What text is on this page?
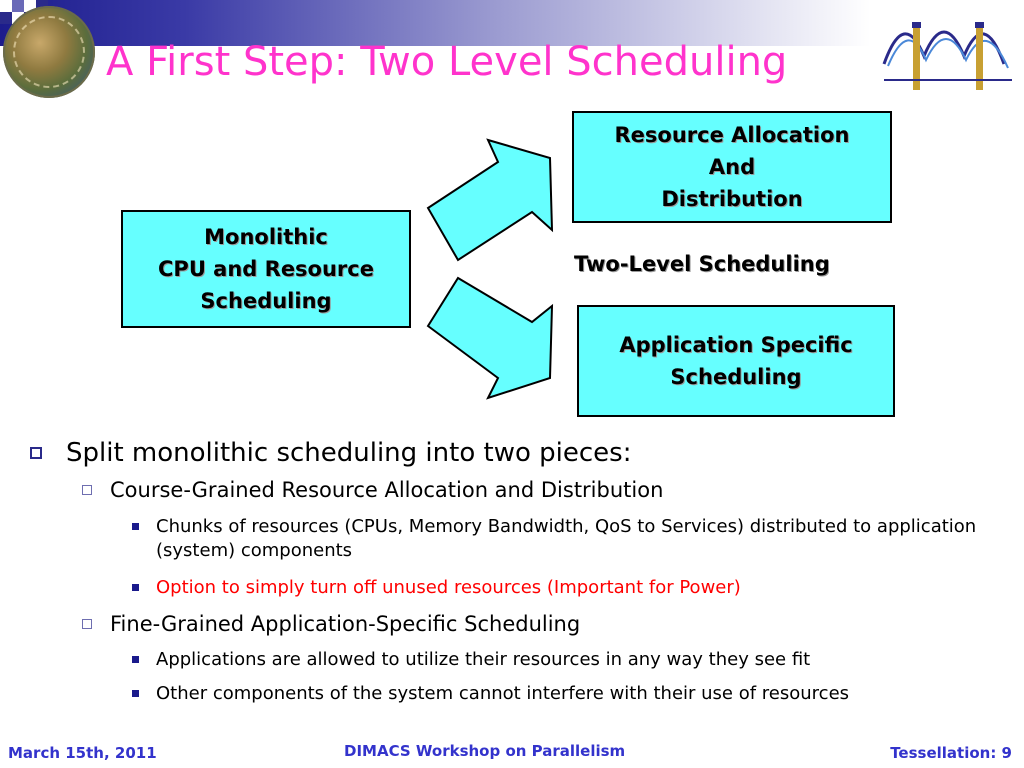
A First Step: Two Level Scheduling
Monolithic
CPU and Resource
Scheduling
Resource Allocation
And
Distribution
Two-Level Scheduling
Application Specific
Scheduling
Split monolithic scheduling into two pieces:
Course-Grained Resource Allocation and Distribution
Chunks of resources (CPUs, Memory Bandwidth, QoS to Services) distributed to application (system) components
Option to simply turn off unused resources (Important for Power)
Fine-Grained Application-Specific Scheduling
Applications are allowed to utilize their resources in any way they see fit
Other components of the system cannot interfere with their use of resources
March 15th, 2011	DIMACS Workshop on Parallelism	Tessellation: 9
